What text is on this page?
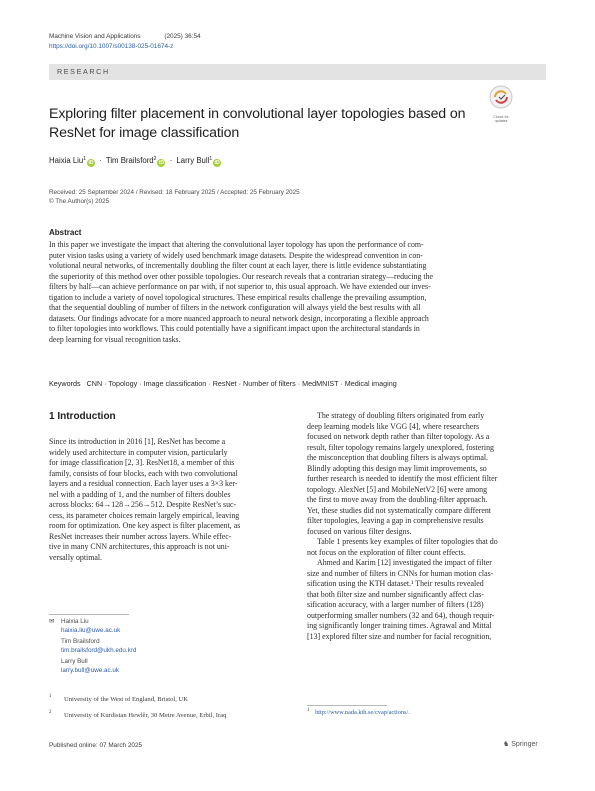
Machine Vision and Applications	(2025) 36:54
https://doi.org/10.1007/s00138-025-01674-z
RESEARCH
Check for
updates
Exploring filter placement in convolutional layer topologies based on
ResNet for image classification
Haixia Liu$^1$iD · Tim Brailsford$^2$iD · Larry Bull$^1$iD
Received: 25 September 2024 / Revised: 18 February 2025 / Accepted: 25 February 2025
© The Author(s) 2025
Abstract
In this paper we investigate the impact that altering the convolutional layer topology has upon the performance of com-
puter vision tasks using a variety of widely used benchmark image datasets. Despite the widespread convention in con-
volutional neural networks, of incrementally doubling the filter count at each layer, there is little evidence substantiating
the superiority of this method over other possible topologies. Our research reveals that a contrarian strategy—reducing the
filters by half—can achieve performance on par with, if not superior to, this usual approach. We have extended our inves-
tigation to include a variety of novel topological structures. These empirical results challenge the prevailing assumption,
that the sequential doubling of number of filters in the network configuration will always yield the best results with all
datasets. Our findings advocate for a more nuanced approach to neural network design, incorporating a flexible approach
to filter topologies into workflows. This could potentially have a significant impact upon the architectural standards in
deep learning for visual recognition tasks.
Keywords CNN · Topology · Image classification · ResNet · Number of filters · MedMNIST · Medical imaging
1 Introduction
Since its introduction in 2016 [1], ResNet has become a
widely used architecture in computer vision, particularly
for image classification [2, 3]. ResNet18, a member of this
family, consists of four blocks, each with two convolutional
layers and a residual connection. Each layer uses a 3×3 ker-
nel with a padding of 1, and the number of filters doubles
across blocks: 64→128→256→512. Despite ResNet’s suc-
cess, its parameter choices remain largely empirical, leaving
room for optimization. One key aspect is filter placement, as
ResNet increases their number across layers. While effec-
tive in many CNN architectures, this approach is not uni-
versally optimal.
The strategy of doubling filters originated from early
deep learning models like VGG [4], where researchers
focused on network depth rather than filter topology. As a
result, filter topology remains largely unexplored, fostering
the misconception that doubling filters is always optimal.
Blindly adopting this design may limit improvements, so
further research is needed to identify the most efficient filter
topology. AlexNet [5] and MobileNetV2 [6] were among
the first to move away from the doubling-filter approach.
Yet, these studies did not systematically compare different
filter topologies, leaving a gap in comprehensive results
focused on various filter designs.
Table 1 presents key examples of filter topologies that do
not focus on the exploration of filter count effects.
Ahmed and Karim [12] investigated the impact of filter
size and number of filters in CNNs for human motion clas-
sification using the KTH dataset.¹ Their results revealed
that both filter size and number significantly affect clas-
sification accuracy, with a larger number of filters (128)
outperforming smaller numbers (32 and 64), though requir-
ing significantly longer training times. Agrawal and Mittal
[13] explored filter size and number for facial recognition,
✉ Haixia Liu
haixia.liu@uwe.ac.uk
Tim Brailsford
tim.brailsford@ukh.edu.krd
Larry Bull
larry.bull@uwe.ac.uk
1 University of the West of England, Bristol, UK
2 University of Kurdistan Hewlêr, 30 Metre Avenue, Erbil, Iraq
$^1$ http://www.nada.kth.se/cvap/actions/.
Published online: 07 March 2025	♞ Springer
